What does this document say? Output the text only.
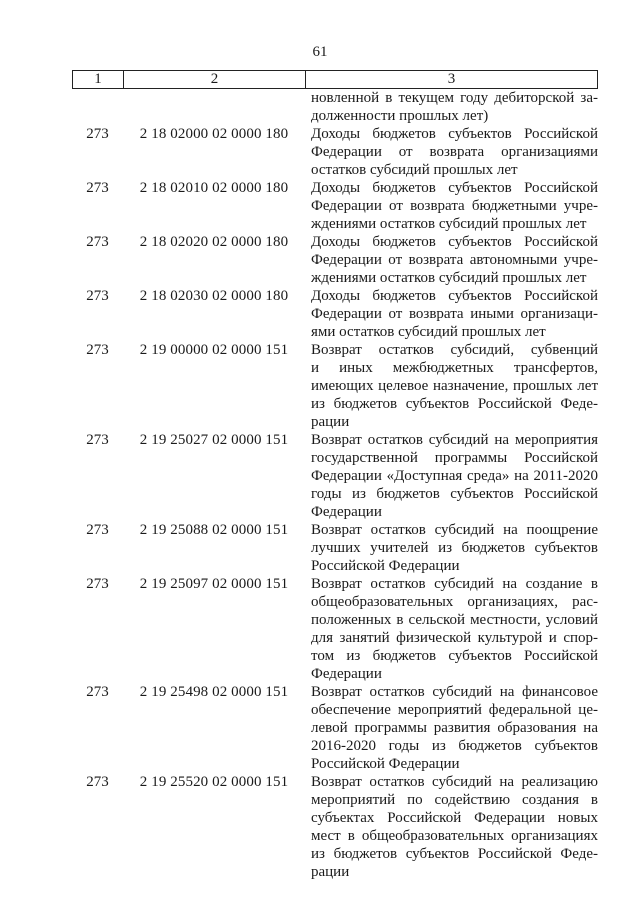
61
1	2	3
новленной в текущем году дебиторской за-
долженности прошлых лет)
273	2 18 02000 02 0000 180	Доходы бюджетов субъектов Российской
Федерации от возврата организациями
остатков субсидий прошлых лет
273	2 18 02010 02 0000 180	Доходы бюджетов субъектов Российской
Федерации от возврата бюджетными учре-
ждениями остатков субсидий прошлых лет
273	2 18 02020 02 0000 180	Доходы бюджетов субъектов Российской
Федерации от возврата автономными учре-
ждениями остатков субсидий прошлых лет
273	2 18 02030 02 0000 180	Доходы бюджетов субъектов Российской
Федерации от возврата иными организаци-
ями остатков субсидий прошлых лет
273	2 19 00000 02 0000 151	Возврат остатков субсидий, субвенций
и иных межбюджетных трансфертов,
имеющих целевое назначение, прошлых лет
из бюджетов субъектов Российской Феде-
рации
273	2 19 25027 02 0000 151	Возврат остатков субсидий на мероприятия
государственной программы Российской
Федерации «Доступная среда» на 2011-2020
годы из бюджетов субъектов Российской
Федерации
273	2 19 25088 02 0000 151	Возврат остатков субсидий на поощрение
лучших учителей из бюджетов субъектов
Российской Федерации
273	2 19 25097 02 0000 151	Возврат остатков субсидий на создание в
общеобразовательных организациях, рас-
положенных в сельской местности, условий
для занятий физической культурой и спор-
том из бюджетов субъектов Российской
Федерации
273	2 19 25498 02 0000 151	Возврат остатков субсидий на финансовое
обеспечение мероприятий федеральной це-
левой программы развития образования на
2016-2020 годы из бюджетов субъектов
Российской Федерации
273	2 19 25520 02 0000 151	Возврат остатков субсидий на реализацию
мероприятий по содействию создания в
субъектах Российской Федерации новых
мест в общеобразовательных организациях
из бюджетов субъектов Российской Феде-
рации
